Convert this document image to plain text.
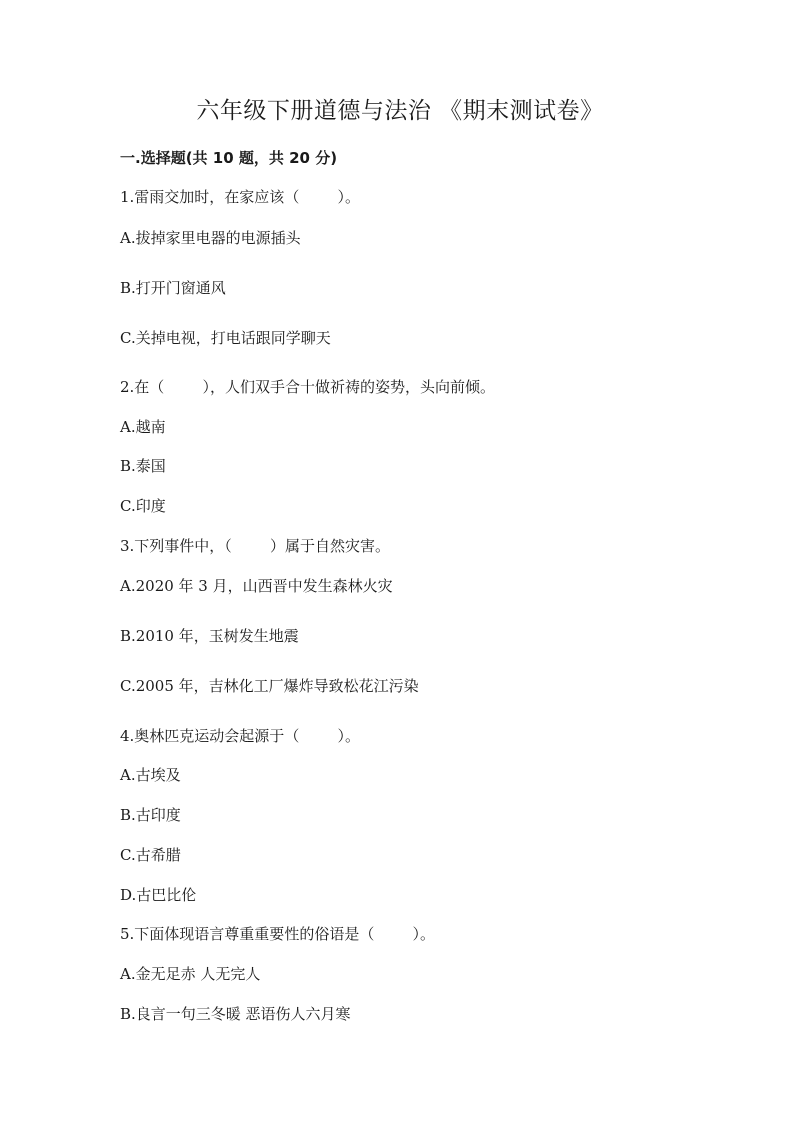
六年级下册道德与法治 《期末测试卷》
一.选择题(共 10 题，共 20 分)
1.雷雨交加时，在家应该（        ）。
A.拔掉家里电器的电源插头
B.打开门窗通风
C.关掉电视，打电话跟同学聊天
2.在（        ），人们双手合十做祈祷的姿势，头向前倾。
A.越南
B.泰国
C.印度
3.下列事件中，（        ）属于自然灾害。
A.2020 年 3 月，山西晋中发生森林火灾
B.2010 年，玉树发生地震
C.2005 年，吉林化工厂爆炸导致松花江污染
4.奥林匹克运动会起源于（        ）。
A.古埃及
B.古印度
C.古希腊
D.古巴比伦
5.下面体现语言尊重重要性的俗语是（        ）。
A.金无足赤 人无完人
B.良言一句三冬暖 恶语伤人六月寒
